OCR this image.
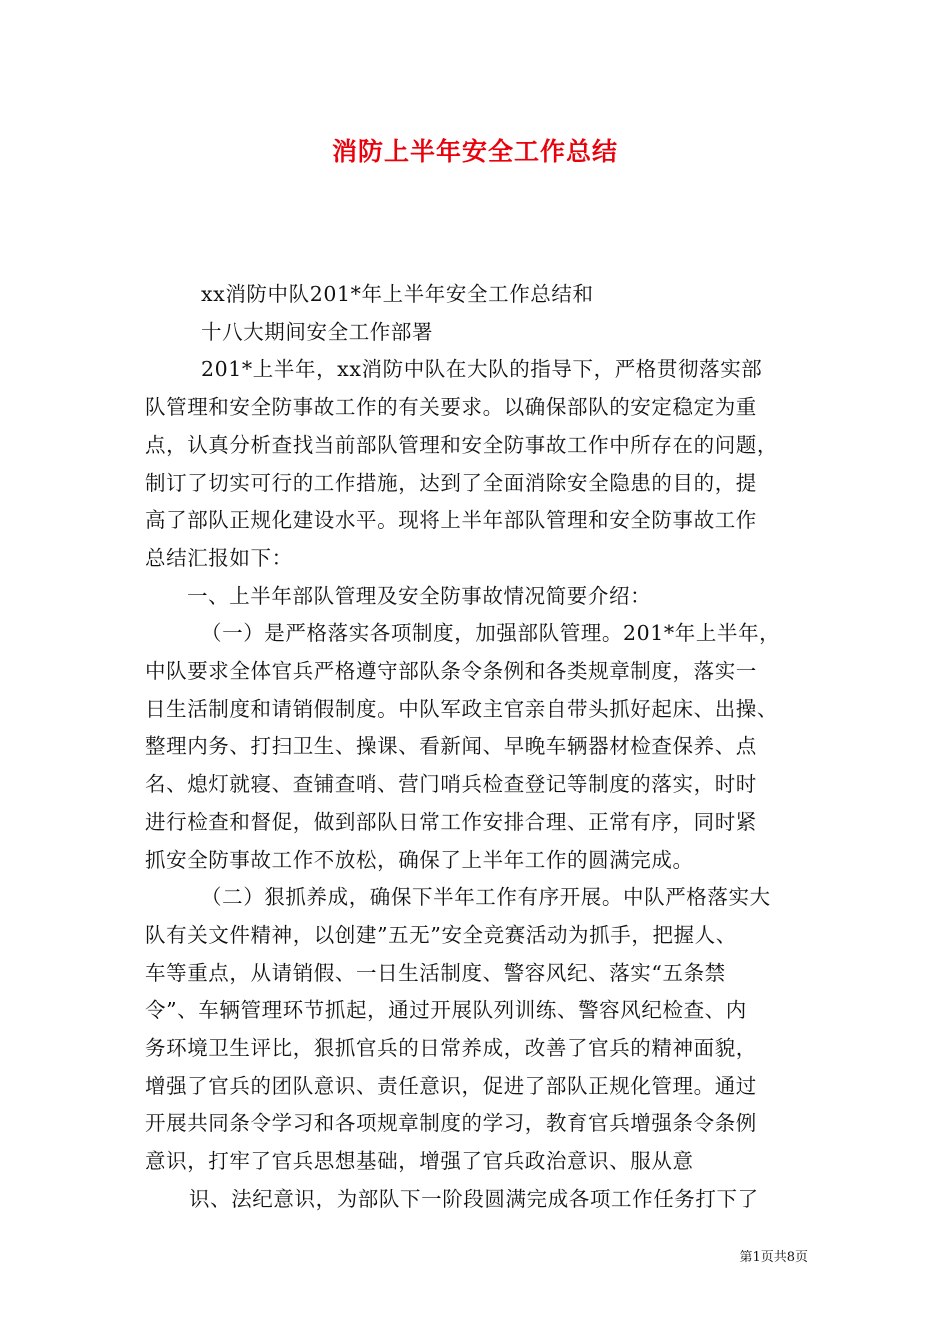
消防上半年安全工作总结

xx消防中队201*年上半年安全工作总结和

十八大期间安全工作部署

201*上半年，xx消防中队在大队的指导下，严格贯彻落实部

队管理和安全防事故工作的有关要求。以确保部队的安定稳定为重

点，认真分析查找当前部队管理和安全防事故工作中所存在的问题，

制订了切实可行的工作措施，达到了全面消除安全隐患的目的，提

高了部队正规化建设水平。现将上半年部队管理和安全防事故工作

总结汇报如下：

一、上半年部队管理及安全防事故情况简要介绍：

（一）是严格落实各项制度，加强部队管理。201*年上半年，

中队要求全体官兵严格遵守部队条令条例和各类规章制度，落实一

日生活制度和请销假制度。中队军政主官亲自带头抓好起床、出操、

整理内务、打扫卫生、操课、看新闻、早晚车辆器材检查保养、点

名、熄灯就寝、查铺查哨、营门哨兵检查登记等制度的落实，时时

进行检查和督促，做到部队日常工作安排合理、正常有序，同时紧

抓安全防事故工作不放松，确保了上半年工作的圆满完成。

（二）狠抓养成，确保下半年工作有序开展。中队严格落实大

队有关文件精神，以创建”五无”安全竞赛活动为抓手，把握人、

车等重点，从请销假、一日生活制度、警容风纪、落实“五条禁

令”、车辆管理环节抓起，通过开展队列训练、警容风纪检查、内

务环境卫生评比，狠抓官兵的日常养成，改善了官兵的精神面貌，

增强了官兵的团队意识、责任意识，促进了部队正规化管理。通过

开展共同条令学习和各项规章制度的学习，教育官兵增强条令条例

意识，打牢了官兵思想基础，增强了官兵政治意识、服从意

识、法纪意识，为部队下一阶段圆满完成各项工作任务打下了

第1页共8页
